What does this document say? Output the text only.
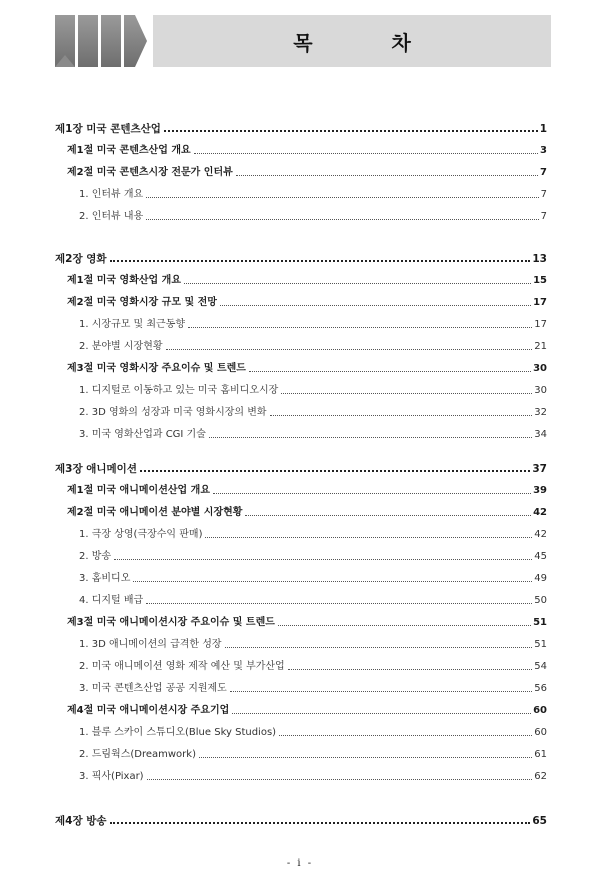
목 차
제1장 미국 콘텐츠산업	1
제1절 미국 콘텐츠산업 개요	3
제2절 미국 콘텐츠시장 전문가 인터뷰	7
1. 인터뷰 개요	7
2. 인터뷰 내용	7
제2장 영화	13
제1절 미국 영화산업 개요	15
제2절 미국 영화시장 규모 및 전망	17
1. 시장규모 및 최근동향	17
2. 분야별 시장현황	21
제3절 미국 영화시장 주요이슈 및 트렌드	30
1. 디지털로 이동하고 있는 미국 홈비디오시장	30
2. 3D 영화의 성장과 미국 영화시장의 변화	32
3. 미국 영화산업과 CGI 기술	34
제3장 애니메이션	37
제1절 미국 애니메이션산업 개요	39
제2절 미국 애니메이션 분야별 시장현황	42
1. 극장 상영(극장수익 판매)	42
2. 방송	45
3. 홈비디오	49
4. 디지털 배급	50
제3절 미국 애니메이션시장 주요이슈 및 트렌드	51
1. 3D 애니메이션의 급격한 성장	51
2. 미국 애니메이션 영화 제작 예산 및 부가산업	54
3. 미국 콘텐츠산업 공공 지원제도	56
제4절 미국 애니메이션시장 주요기업	60
1. 블루 스카이 스튜디오(Blue Sky Studios)	60
2. 드림웍스(Dreamwork)	61
3. 픽사(Pixar)	62
제4장 방송	65
- i -
